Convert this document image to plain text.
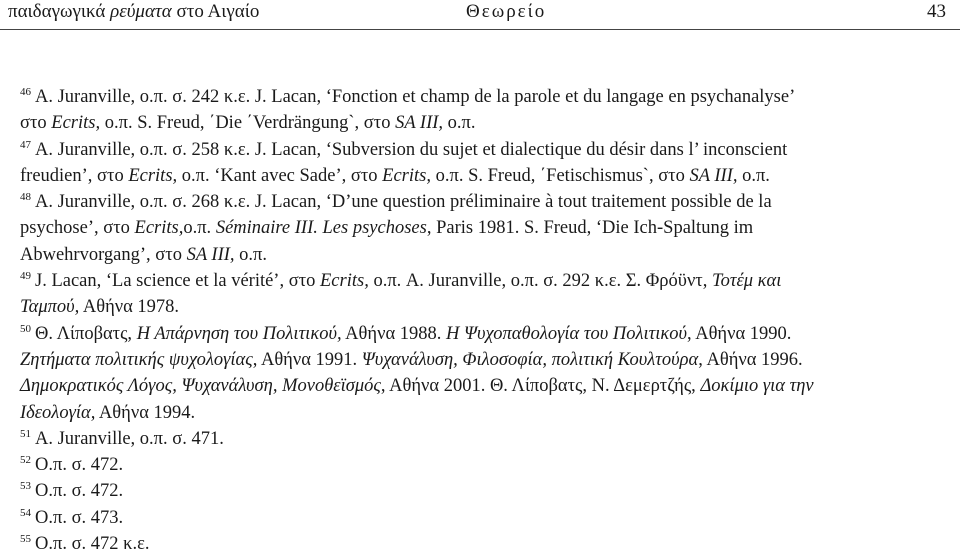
παιδαγωγικά ρεύματα στο Αιγαίο	Θεωρείο	43
$^{46}$ A. Juranville, ο.π. σ. 242 κ.ε. J. Lacan, ‘Fonction et champ de la parole et du langage en psychanalyse’
στο Ecrits, ο.π. S. Freud, ΄Die ΄Verdrängung`, στο SA III, ο.π.
$^{47}$ A. Juranville, ο.π. σ. 258 κ.ε. J. Lacan, ‘Subversion du sujet et dialectique du désir dans l’ inconscient
freudien’, στο Ecrits, ο.π. ‘Kant avec Sade’, στο Ecrits, ο.π. S. Freud, ΄Fetischismus`, στο SA III, ο.π.
$^{48}$ A. Juranville, ο.π. σ. 268 κ.ε. J. Lacan, ‘D’une question préliminaire à tout traitement possible de la
psychose’, στο Ecrits,ο.π. Séminaire III. Les psychoses, Paris 1981. S. Freud, ‘Die Ich-Spaltung im
Abwehrvorgang’, στο SA III, ο.π.
$^{49}$ J. Lacan, ‘La science et la vérité’, στο Ecrits, ο.π. A. Juranville, ο.π. σ. 292 κ.ε. Σ. Φρόϋντ, Τοτέμ και
Ταμπού, Αθήνα 1978.
$^{50}$ Θ. Λίποβατς, Η Απάρνηση του Πολιτικού, Αθήνα 1988. Η Ψυχοπαθολογία του Πολιτικού, Αθήνα 1990.
Ζητήματα πολιτικής ψυχολογίας, Αθήνα 1991. Ψυχανάλυση, Φιλοσοφία, πολιτική Κουλτούρα, Αθήνα 1996.
Δημοκρατικός Λόγος, Ψυχανάλυση, Μονοθεϊσμός, Αθήνα 2001. Θ. Λίποβατς, Ν. Δεμερτζής, Δοκίμιο για την
Ιδεολογία, Αθήνα 1994.
$^{51}$ A. Juranville, ο.π. σ. 471.
$^{52}$ Ο.π. σ. 472.
$^{53}$ Ο.π. σ. 472.
$^{54}$ Ο.π. σ. 473.
$^{55}$ Ο.π. σ. 472 κ.ε.
